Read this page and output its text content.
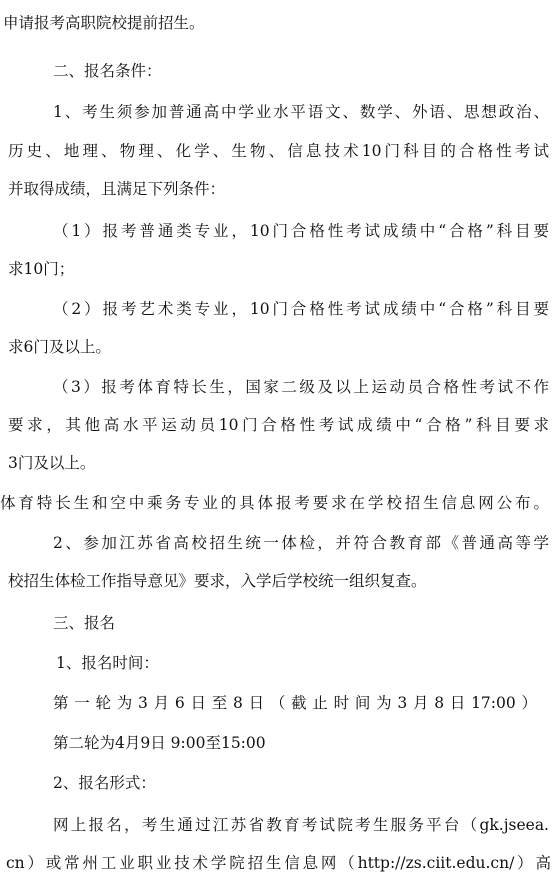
申请报考高职院校提前招生。
二、报名条件：
1、考生须参加普通高中学业水平语文、数学、外语、思想政治、
历史、地理、物理、化学、生物、信息技术10门科目的合格性考试
并取得成绩，且满足下列条件：
（1）报考普通类专业，10门合格性考试成绩中“合格”科目要
求10门；
（2）报考艺术类专业，10门合格性考试成绩中“合格”科目要
求6门及以上。
（3）报考体育特长生，国家二级及以上运动员合格性考试不作
要求，其他高水平运动员10门合格性考试成绩中“合格”科目要求
3门及以上。
体育特长生和空中乘务专业的具体报考要求在学校招生信息网公布。
2、参加江苏省高校招生统一体检，并符合教育部《普通高等学
校招生体检工作指导意见》要求，入学后学校统一组织复查。
三、报名
1、报名时间：
第一轮为3月6日至8日（截止时间为3月8日17:00）
第二轮为4月9日 9:00至15:00
2、报名形式：
网上报名，考生通过江苏省教育考试院考生服务平台（gk.jseea.
cn）或常州工业职业技术学院招生信息网（http://zs.ciit.edu.cn/）高
